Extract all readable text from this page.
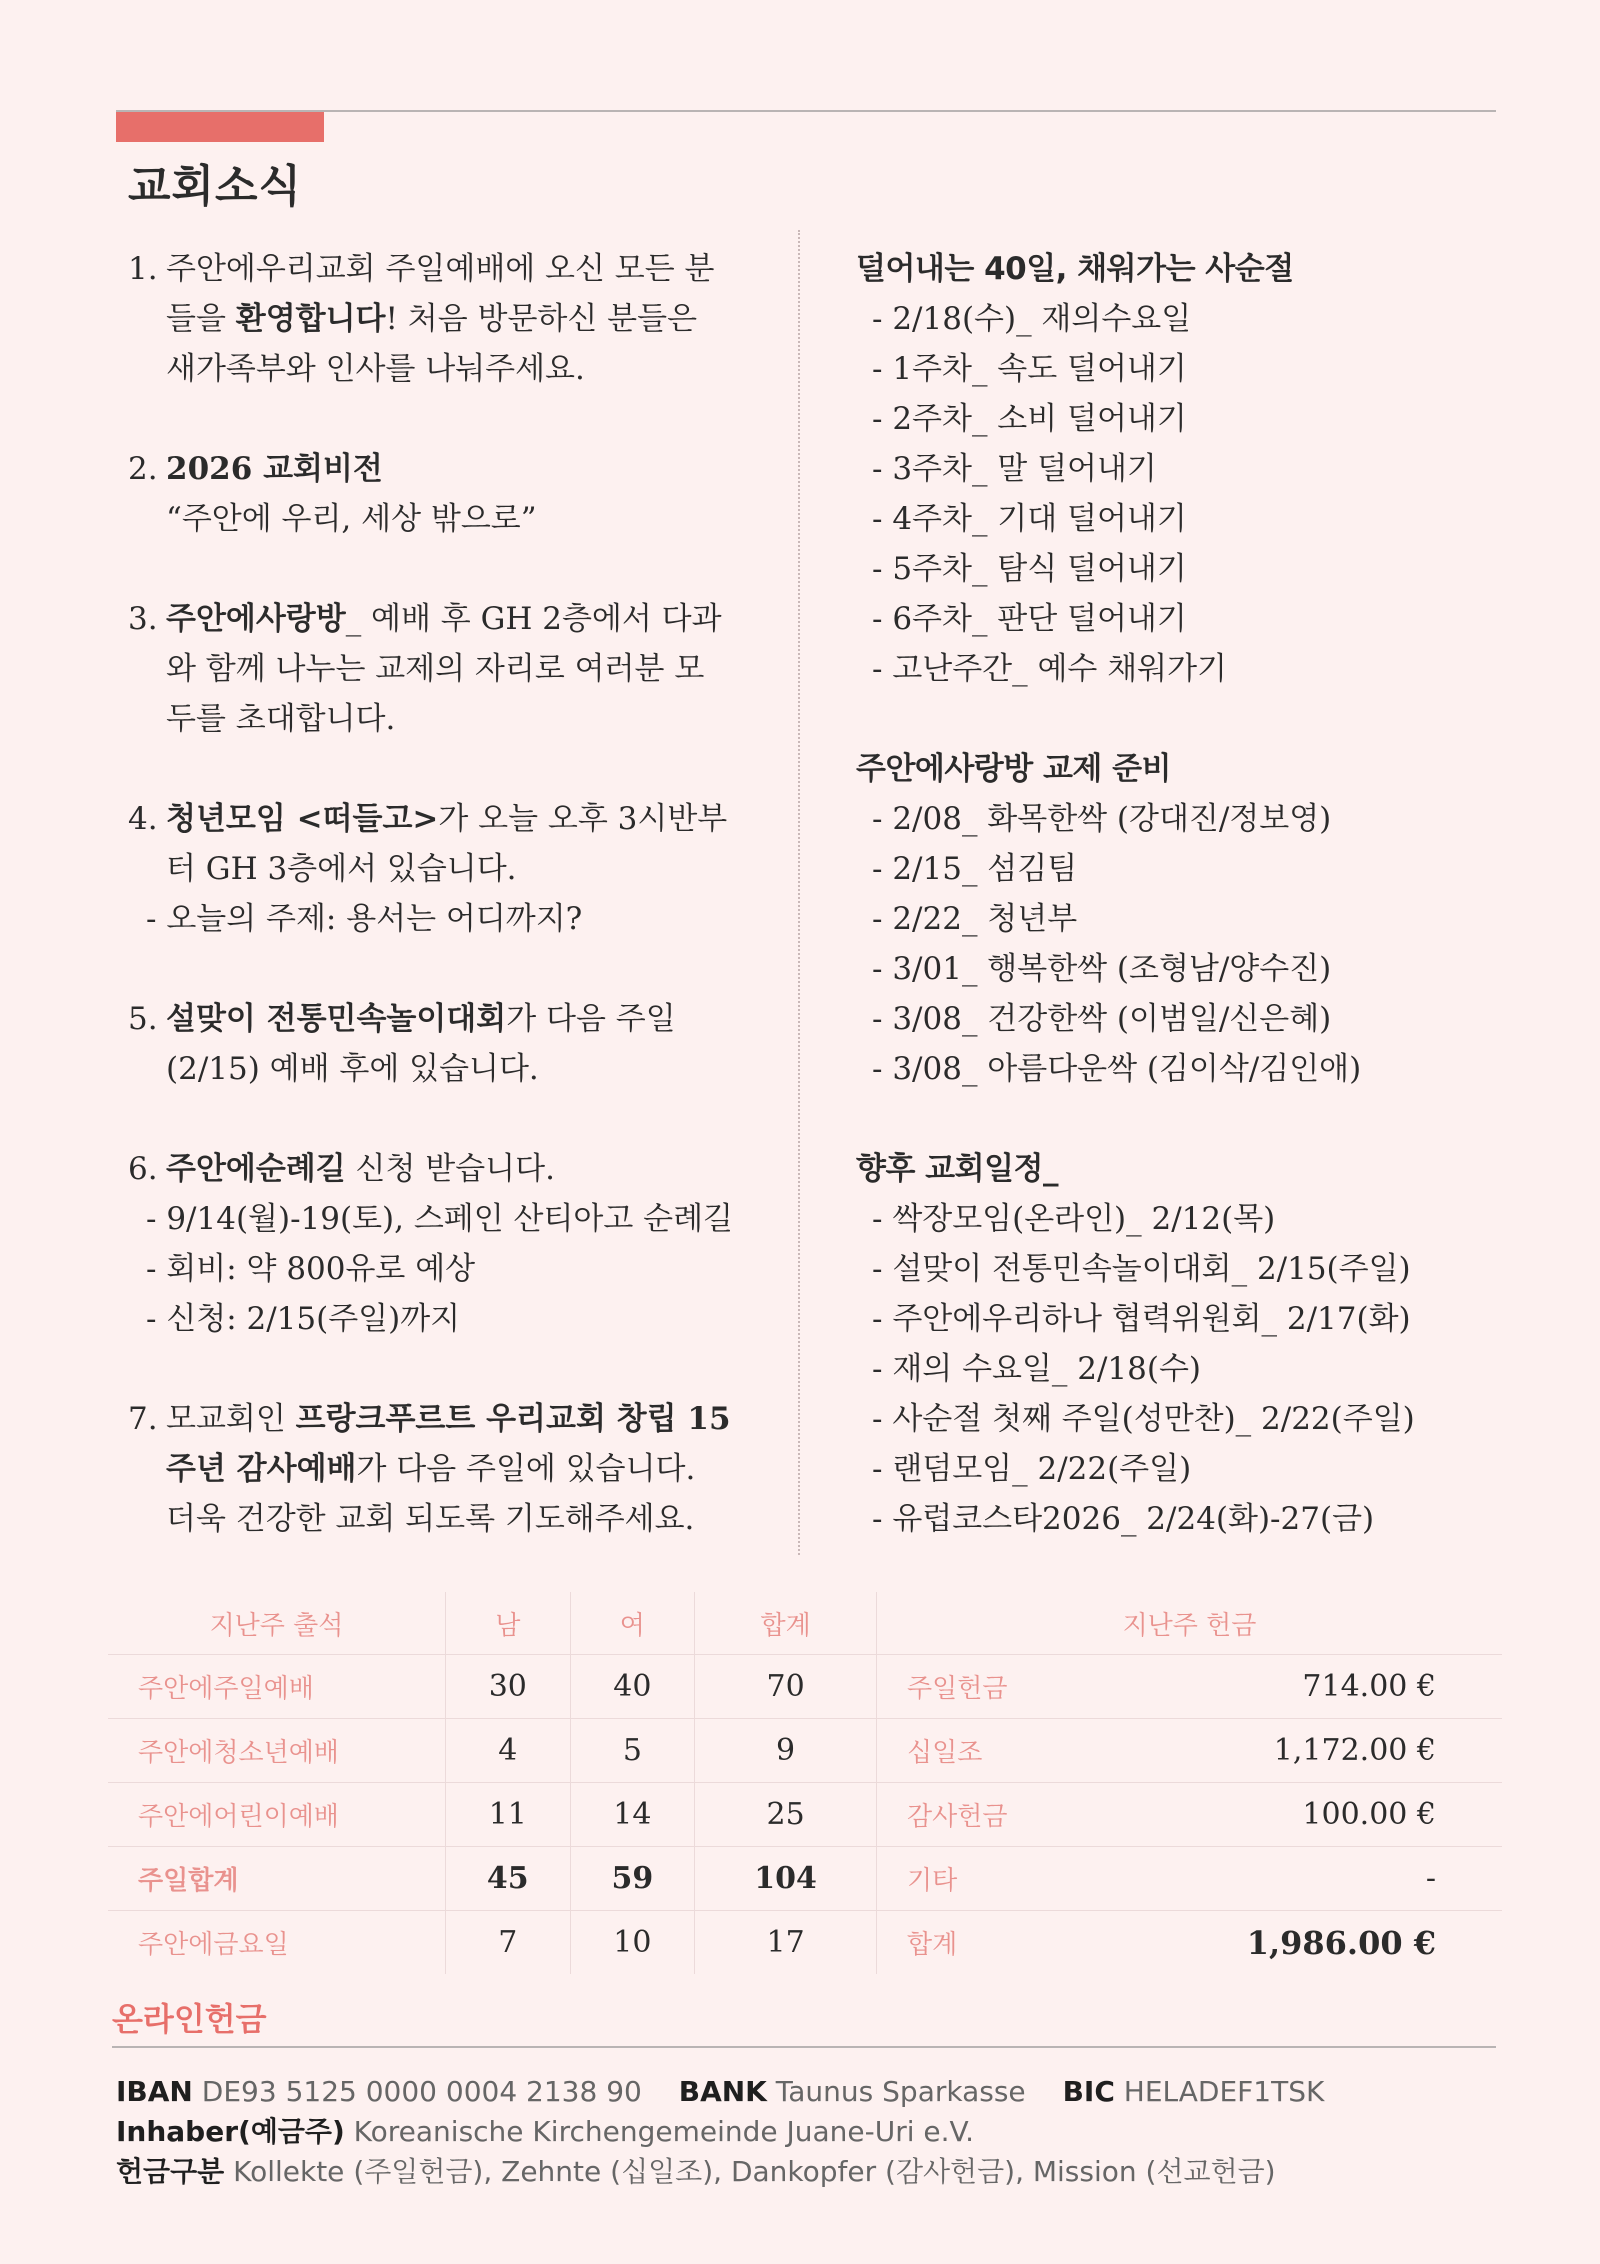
교회소식
1. 주안에우리교회 주일예배에 오신 모든 분

들을 환영합니다! 처음 방문하신 분들은

새가족부와 인사를 나눠주세요.

2. 2026 교회비전

“주안에 우리, 세상 밖으로”

3. 주안에사랑방_ 예배 후 GH 2층에서 다과

와 함께 나누는 교제의 자리로 여러분 모

두를 초대합니다.

4. 청년모임 <떠들고>가 오늘 오후 3시반부

터 GH 3층에서 있습니다.

- 오늘의 주제: 용서는 어디까지?

5. 설맞이 전통민속놀이대회가 다음 주일

(2/15) 예배 후에 있습니다.

6. 주안에순례길 신청 받습니다.

- 9/14(월)-19(토), 스페인 산티아고 순례길

- 회비: 약 800유로 예상

- 신청: 2/15(주일)까지

7. 모교회인 프랑크푸르트 우리교회 창립 15

주년 감사예배가 다음 주일에 있습니다.

더욱 건강한 교회 되도록 기도해주세요.

덜어내는 40일, 채워가는 사순절
- 2/18(수)_ 재의수요일
- 1주차_ 속도 덜어내기
- 2주차_ 소비 덜어내기
- 3주차_ 말 덜어내기
- 4주차_ 기대 덜어내기
- 5주차_ 탐식 덜어내기
- 6주차_ 판단 덜어내기
- 고난주간_ 예수 채워가기
주안에사랑방 교제 준비
- 2/08_ 화목한싹 (강대진/정보영)
- 2/15_ 섬김팀
- 2/22_ 청년부
- 3/01_ 행복한싹 (조형남/양수진)
- 3/08_ 건강한싹 (이범일/신은혜)
- 3/08_ 아름다운싹 (김이삭/김인애)
향후 교회일정_
- 싹장모임(온라인)_ 2/12(목)
- 설맞이 전통민속놀이대회_ 2/15(주일)
- 주안에우리하나 협력위원회_ 2/17(화)
- 재의 수요일_ 2/18(수)
- 사순절 첫째 주일(성만찬)_ 2/22(주일)
- 랜덤모임_ 2/22(주일)
- 유럽코스타2026_ 2/24(화)-27(금)
지난주 출석	남	여	합계
주안에주일예배	30	40	70
주안에청소년예배	4	5	9
주안에어린이예배	11	14	25
주일합계	45	59	104
주안에금요일	7	10	17
지난주 헌금	
주일헌금	714.00 €
십일조	1,172.00 €
감사헌금	100.00 €
기타	-
합계	1,986.00 €
온라인헌금
IBAN DE93 5125 0000 0004 2138 90 BANK Taunus Sparkasse BIC HELADEF1TSK
Inhaber(예금주) Koreanische Kirchengemeinde Juane-Uri e.V.
헌금구분 Kollekte (주일헌금), Zehnte (십일조), Dankopfer (감사헌금), Mission (선교헌금)
